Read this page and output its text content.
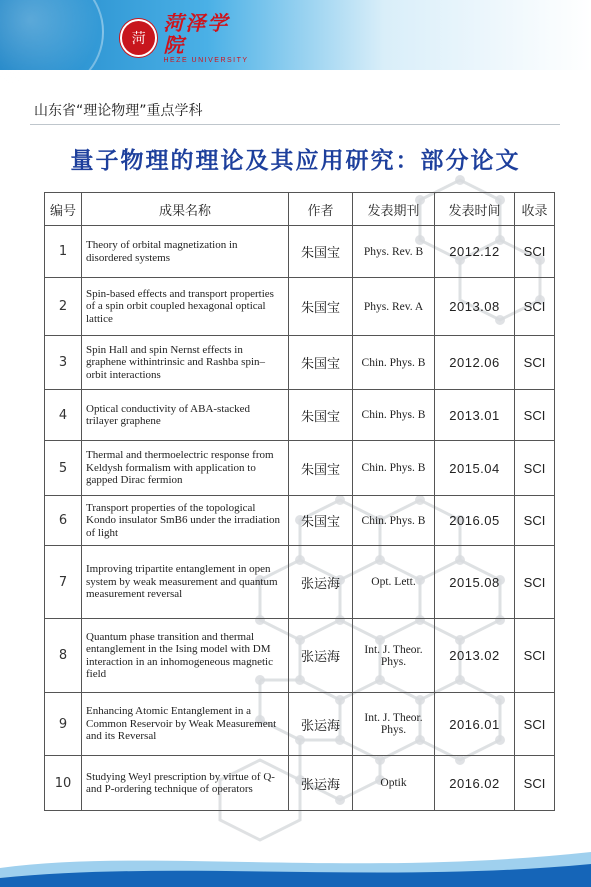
菏
菏泽学院
HEZE UNIVERSITY
山东省“理论物理”重点学科
量子物理的理论及其应用研究：部分论文
编号	成果名称	作者	发表期刊	发表时间	收录
1	Theory of orbital magnetization in disordered systems	朱国宝	Phys. Rev. B	2012.12	SCI
2	Spin-based effects and transport properties of a spin orbit coupled hexagonal optical lattice	朱国宝	Phys. Rev. A	2013.08	SCI
3	Spin Hall and spin Nernst effects in graphene withintrinsic and Rashba spin–orbit interactions	朱国宝	Chin. Phys. B	2012.06	SCI
4	Optical conductivity of ABA-stacked trilayer graphene	朱国宝	Chin. Phys. B	2013.01	SCI
5	Thermal and thermoelectric response from Keldysh formalism with application to gapped Dirac fermion	朱国宝	Chin. Phys. B	2015.04	SCI
6	Transport properties of the topological Kondo insulator SmB6 under the irradiation of light	朱国宝	Chin. Phys. B	2016.05	SCI
7	Improving tripartite entanglement in open system by weak measurement and quantum measurement reversal	张运海	Opt. Lett.	2015.08	SCI
8	Quantum phase transition and thermal entanglement in the Ising model with DM interaction in an inhomogeneous magnetic field	张运海	Int. J. Theor. Phys.	2013.02	SCI
9	Enhancing Atomic Entanglement in a Common Reservoir by Weak Measurement and its Reversal	张运海	Int. J. Theor. Phys.	2016.01	SCI
10	Studying Weyl prescription by virtue of Q- and P-ordering technique of operators	张运海	Optik	2016.02	SCI
